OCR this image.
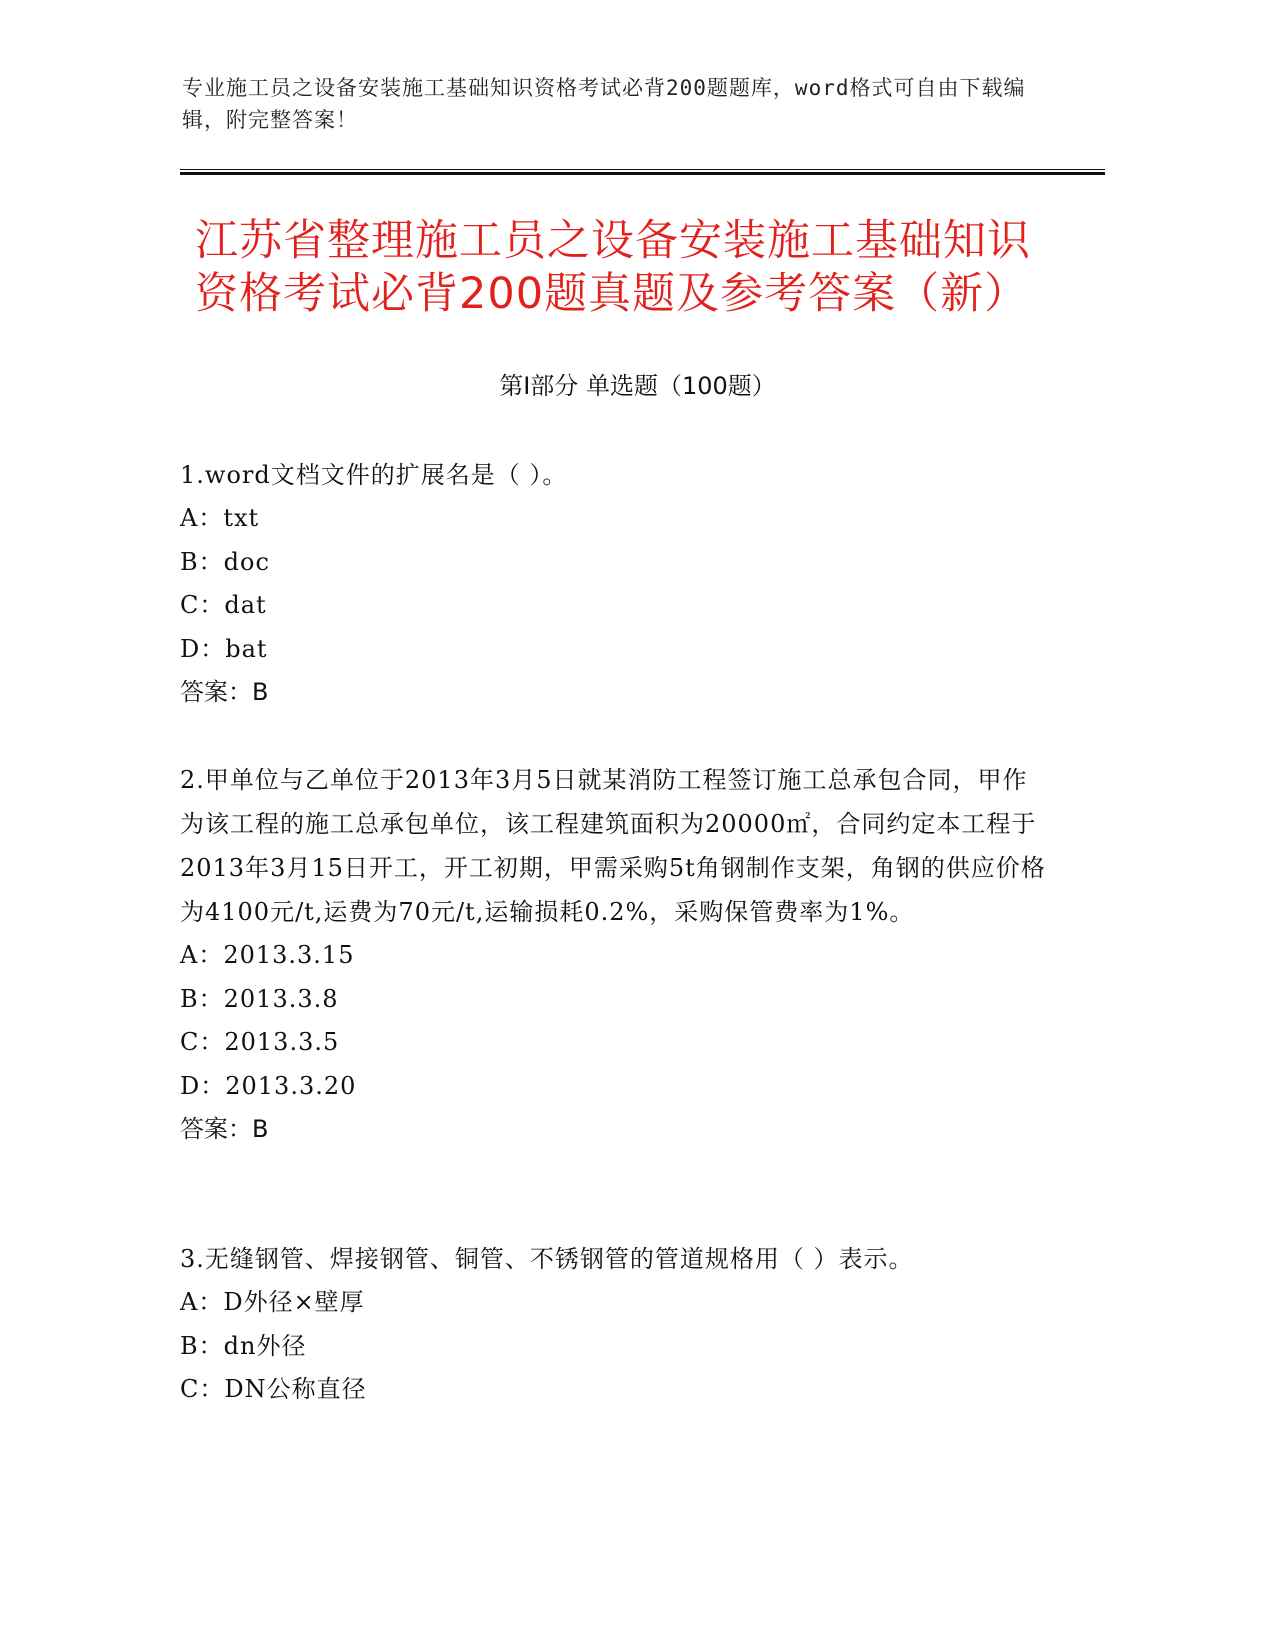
专业施工员之设备安装施工基础知识资格考试必背200题题库，word格式可自由下载编辑，附完整答案！
江苏省整理施工员之设备安装施工基础知识资格考试必背200题真题及参考答案（新）
第Ⅰ部分 单选题（100题）
1.word文档文件的扩展名是（ ）。
A：txt
B：doc
C：dat
D：bat
答案：B
2.甲单位与乙单位于2013年3月5日就某消防工程签订施工总承包合同，甲作为该工程的施工总承包单位，该工程建筑面积为20000㎡，合同约定本工程于2013年3月15日开工，开工初期，甲需采购5t角钢制作支架，角钢的供应价格为4100元/t,运费为70元/t,运输损耗0.2%，采购保管费率为1%。
A：2013.3.15
B：2013.3.8
C：2013.3.5
D：2013.3.20
答案：B
3.无缝钢管、焊接钢管、铜管、不锈钢管的管道规格用（ ）表示。
A：D外径×壁厚
B：dn外径
C：DN公称直径
